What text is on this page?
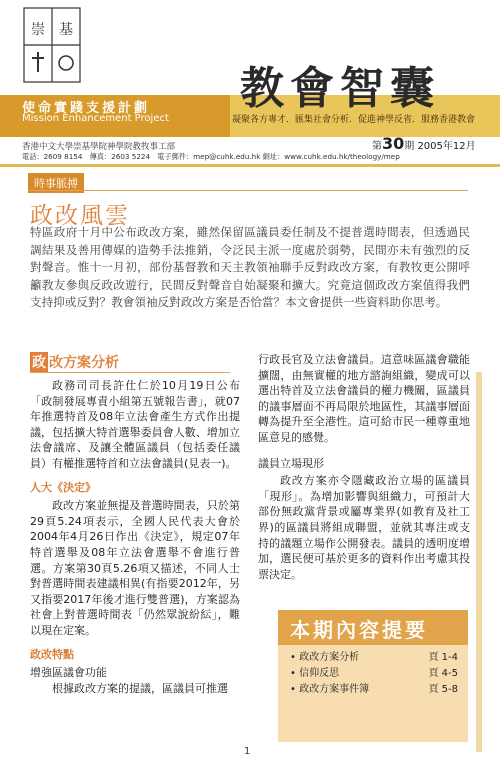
崇 基
使命實踐支援計劃
Mission Enhancement Project
教會智囊
凝聚各方專才．匯集社會分析．促進神學反省．服務香港教會
香港中文大學崇基學院神學院教牧事工部
電話：2609 8154　傳真：2603 5224　電子郵件：mep@cuhk.edu.hk 網址：www.cuhk.edu.hk/theology/mep
第30期 2005年12月
時事脈搏
政改風雲
特區政府十月中公布政改方案，雖然保留區議員委任制及不提普選時間表，但透過民調結果及善用傳媒的造勢手法推銷，令泛民主派一度處於弱勢，民間亦未有強烈的反對聲音。惟十一月初，部份基督教和天主教領袖聯手反對政改方案，有教牧更公開呼籲教友參與反政改遊行，民間反對聲音自始凝聚和擴大。究竟這個政改方案值得我們支持抑或反對？教會領袖反對政改方案是否恰當？本文會提供一些資料助你思考。
政 改方案分析

政務司司長許仕仁於10月19日公布「政制發展專責小組第五號報告書」，就07年推選特首及08年立法會產生方式作出提議，包括擴大特首選舉委員會人數、增加立法會議席、及讓全體區議員（包括委任議員）有權推選特首和立法會議員(見表一)。

人大《決定》

政改方案並無提及普選時間表，只於第29頁5.24項表示，全國人民代表大會於2004年4月26日作出《決定》，規定07年特首選舉及08年立法會選舉不會進行普選。方案第30頁5.26項又描述，不同人士對普選時間表建議相異(有指要2012年，另又指要2017年後才進行雙普選)，方案認為社會上對普選時間表「仍然眾說紛紜」，難以現在定案。

政改特點
增強區議會功能

根據政改方案的提議，區議員可推選

行政長官及立法會議員。這意味區議會職能擴闊，由無實權的地方諮詢組織，變成可以選出特首及立法會議員的權力機關，區議員的議事層面不再局限於地區性，其議事層面轉為提升至全港性。這可給市民一種尊重地區意見的感覺。

議員立場現形

政改方案亦令隱藏政治立場的區議員「現形」。為增加影響與組織力，可預計大部份無政黨背景或屬專業界(如教育及社工界)的區議員將組成聯盟，並就其專注或支持的議題立場作公開發表。議員的透明度增加，選民便可基於更多的資料作出考慮其投票決定。

本期內容提要
• 政改方案分析	頁 1-4
• 信仰反思	頁 4-5
• 政改方案事件簿	頁 5-8
1
